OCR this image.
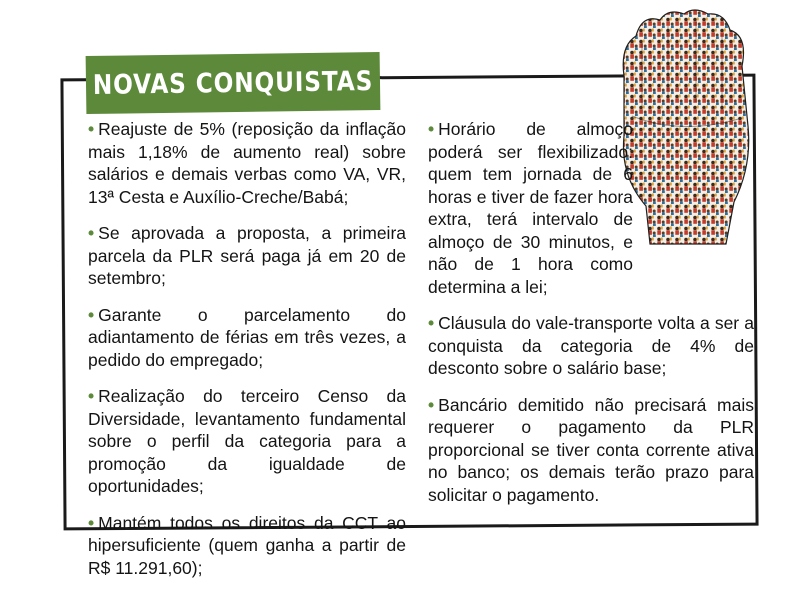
NOVAS CONQUISTAS

• Reajuste de 5% (reposição da inflação mais 1,18% de aumento real) sobre salários e demais verbas como VA, VR, 13ª Cesta e Auxílio-Creche/Babá;

• Se aprovada a proposta, a primeira parcela da PLR será paga já em 20 de setembro;

• Garante o parcelamento do adiantamento de férias em três vezes, a pedido do empregado;

• Realização do terceiro Censo da Diversidade, levantamento fundamental sobre o perfil da categoria para a promoção da igualdade de oportunidades;

• Mantém todos os direitos da CCT ao hipersuficiente (quem ganha a partir de R$ 11.291,60);

• Horário de almoço poderá ser flexibilizado: quem tem jornada de 6 horas e tiver de fazer hora extra, terá intervalo de almoço de 30 minutos, e não de 1 hora como determina a lei;

• Cláusula do vale-transporte volta a ser a conquista da categoria de 4% de desconto sobre o salário base;

• Bancário demitido não precisará mais requerer o pagamento da PLR proporcional se tiver conta corrente ativa no banco; os demais terão prazo para solicitar o pagamento.
